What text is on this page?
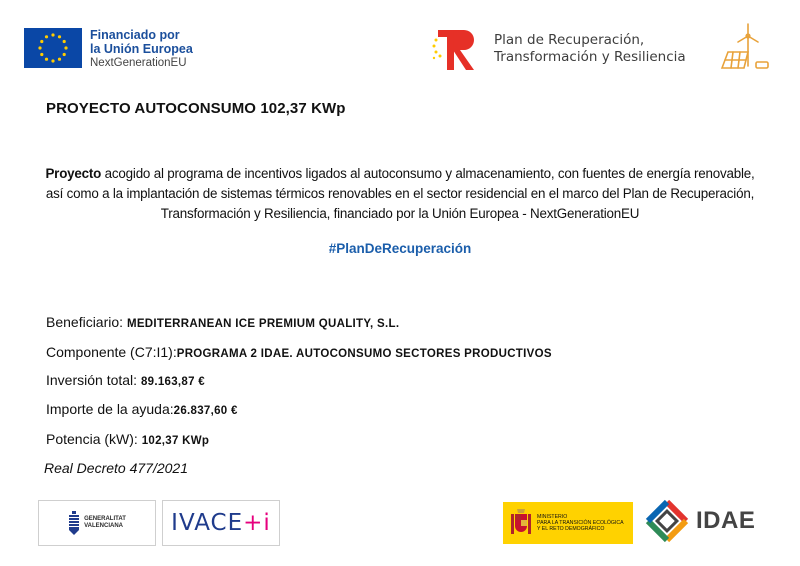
Financiado por
la Unión Europea
NextGenerationEU
Plan de Recuperación,
Transformación y Resiliencia
PROYECTO AUTOCONSUMO 102,37 KWp
Proyecto acogido al programa de incentivos ligados al autoconsumo y almacenamiento, con fuentes de energía renovable, así como a la implantación de sistemas térmicos renovables en el sector residencial en el marco del Plan de Recuperación, Transformación y Resiliencia, financiado por la Unión Europea - NextGenerationEU
#PlanDeRecuperación
Beneficiario: MEDITERRANEAN ICE PREMIUM QUALITY, S.L.
Componente (C7:I1):PROGRAMA 2 IDAE. AUTOCONSUMO SECTORES PRODUCTIVOS
Inversión total: 89.163,87 €
Importe de la ayuda:26.837,60 €
Potencia (kW): 102,37 KWp
Real Decreto 477/2021
GENERALITAT
VALENCIANA IVACE+i	MINISTERIO
PARA LA TRANSICIÓN ECOLÓGICA
Y EL RETO DEMOGRÁFICO	IDAE
